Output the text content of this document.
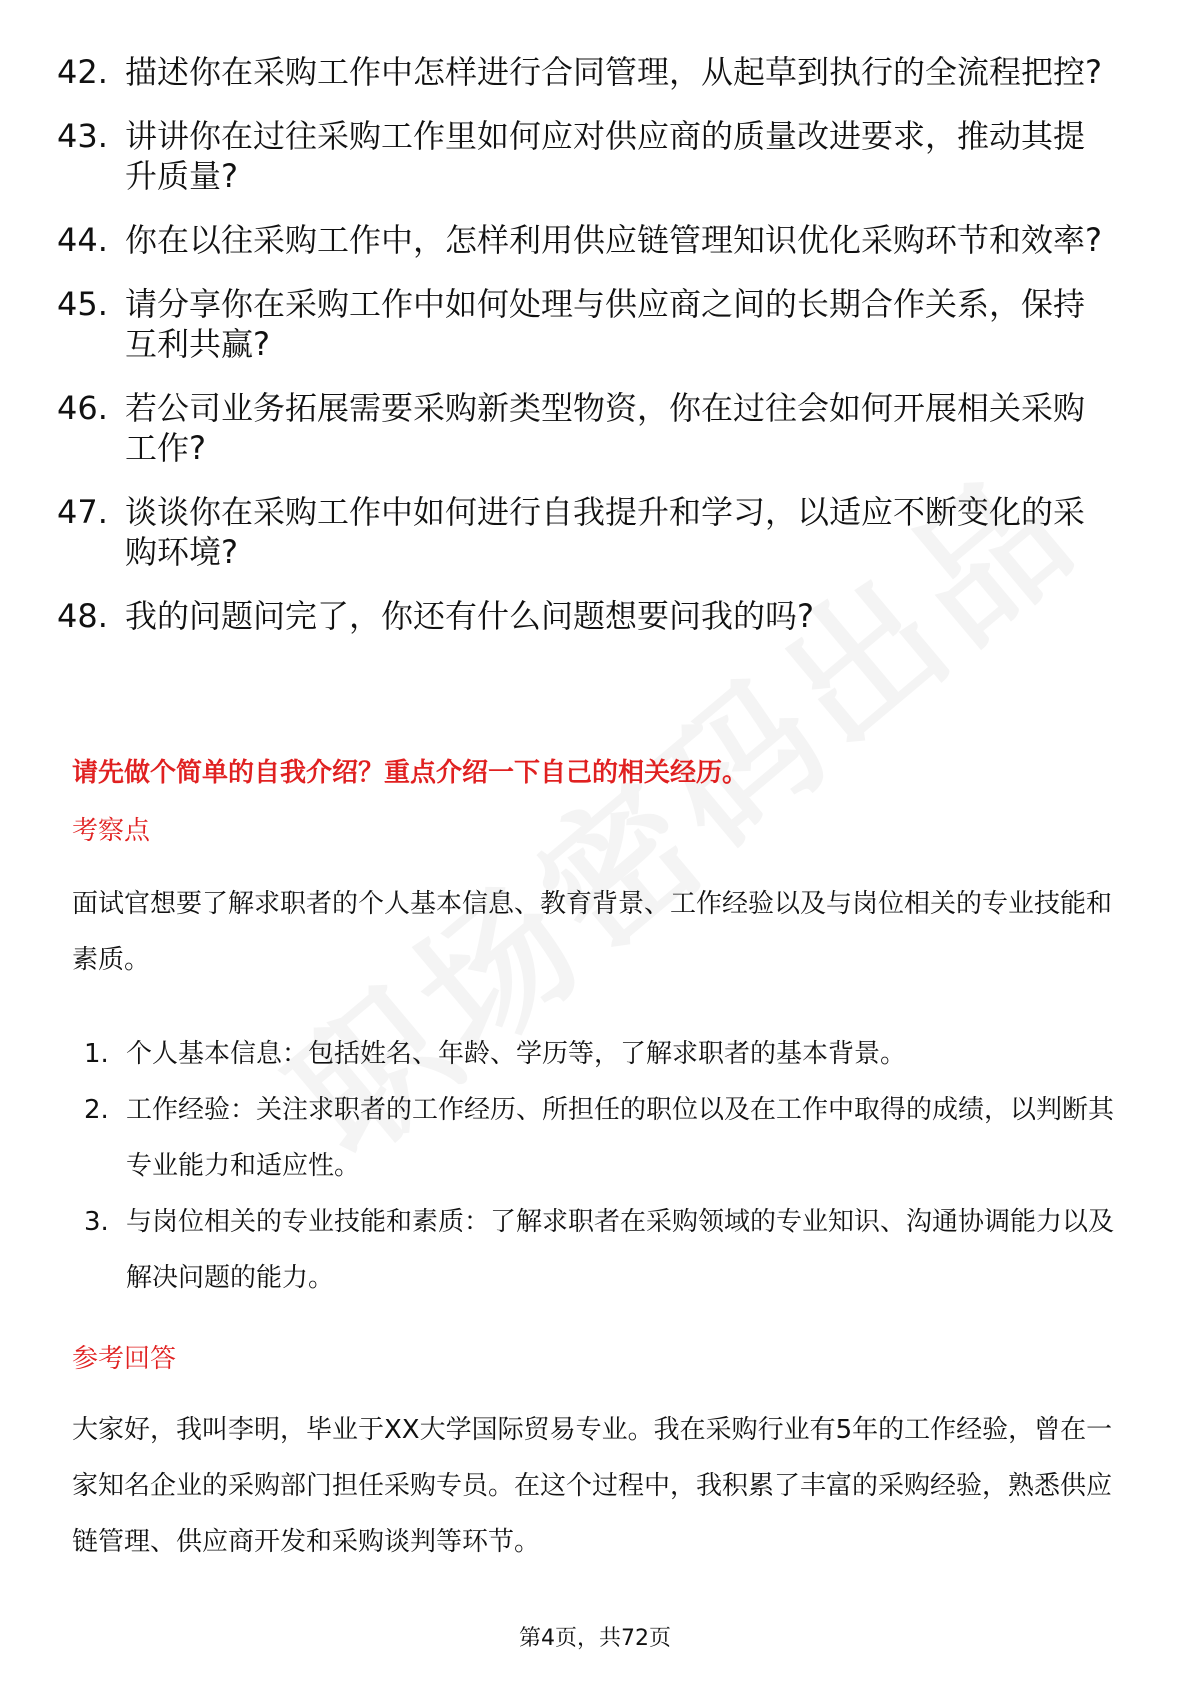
42. 描述你在采购工作中怎样进行合同管理，从起草到执行的全流程把控?
43. 讲讲你在过往采购工作里如何应对供应商的质量改进要求，推动其提升质量?
44. 你在以往采购工作中，怎样利用供应链管理知识优化采购环节和效率?
45. 请分享你在采购工作中如何处理与供应商之间的长期合作关系，保持互利共赢?
46. 若公司业务拓展需要采购新类型物资，你在过往会如何开展相关采购工作?
47. 谈谈你在采购工作中如何进行自我提升和学习，以适应不断变化的采购环境?
48. 我的问题问完了，你还有什么问题想要问我的吗?
请先做个简单的自我介绍？重点介绍一下自己的相关经历。
考察点
面试官想要了解求职者的个人基本信息、教育背景、工作经验以及与岗位相关的专业技能和素质。
1. 个人基本信息：包括姓名、年龄、学历等，了解求职者的基本背景。
2. 工作经验：关注求职者的工作经历、所担任的职位以及在工作中取得的成绩，以判断其专业能力和适应性。
3. 与岗位相关的专业技能和素质：了解求职者在采购领域的专业知识、沟通协调能力以及解决问题的能力。
参考回答
大家好，我叫李明，毕业于XX大学国际贸易专业。我在采购行业有5年的工作经验，曾在一家知名企业的采购部门担任采购专员。在这个过程中，我积累了丰富的采购经验，熟悉供应链管理、供应商开发和采购谈判等环节。
第4页，共72页
